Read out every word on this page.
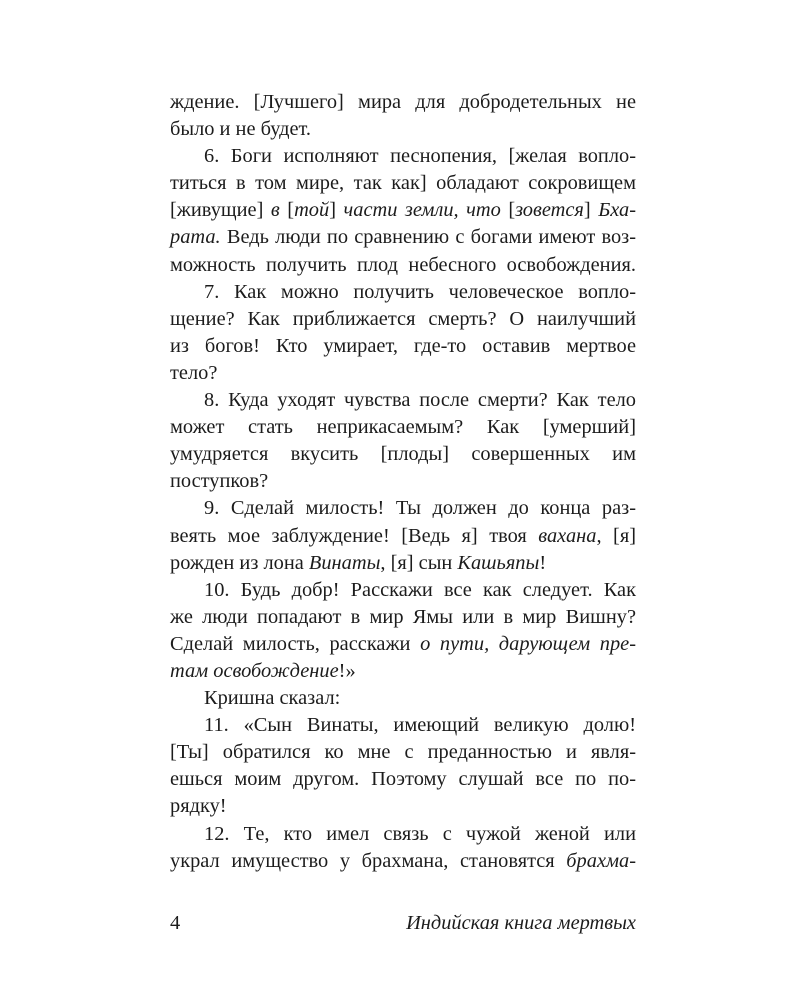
ждение. [Лучшего] мира для добродетельных не
было и не будет.
6. Боги исполняют песнопения, [желая вопло-
титься в том мире, так как] обладают сокровищем
[живущие] в [той] части земли, что [зовется] Бха-
рата. Ведь люди по сравнению с богами имеют воз-
можность получить плод небесного освобождения.
7. Как можно получить человеческое вопло-
щение? Как приближается смерть? О наилучший
из богов! Кто умирает, где-то оставив мертвое
тело?
8. Куда уходят чувства после смерти? Как тело
может стать неприкасаемым? Как [умерший]
умудряется вкусить [плоды] совершенных им
поступков?
9. Сделай милость! Ты должен до конца раз-
веять мое заблуждение! [Ведь я] твоя вахана, [я]
рожден из лона Винаты, [я] сын Кашьяпы!
10. Будь добр! Расскажи все как следует. Как
же люди попадают в мир Ямы или в мир Вишну?
Сделай милость, расскажи о пути, дарующем пре-
там освобождение!»
Кришна сказал:
11. «Сын Винаты, имеющий великую долю!
[Ты] обратился ко мне с преданностью и явля-
ешься моим другом. Поэтому слушай все по по-
рядку!
12. Те, кто имел связь с чужой женой или
украл имущество у брахмана, становятся брахма-
4	Индийская книга мертвых
